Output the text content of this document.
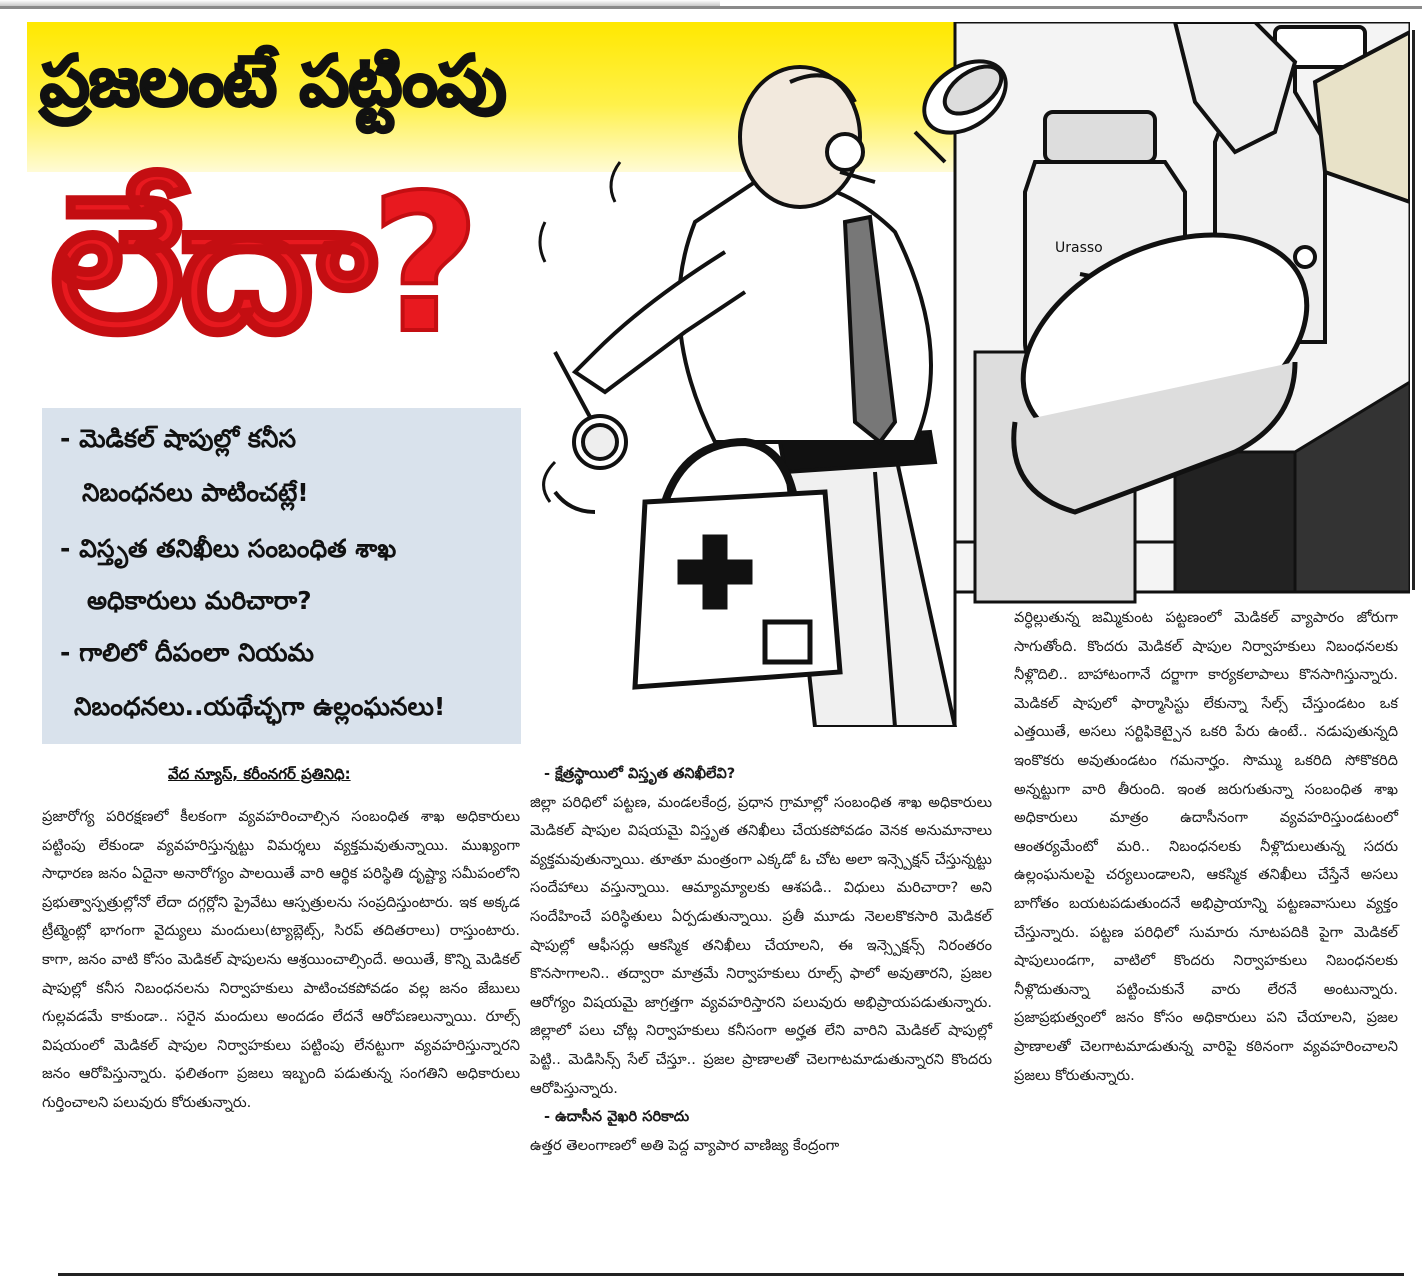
Urasso
ప్రజలంటే పట్టింపు
లేదా?
- మెడికల్ షాపుల్లో కనీస
నిబంధనలు పాటించట్లే!
- విస్తృత తనిఖీలు సంబంధిత శాఖ
అధికారులు మరిచారా?
- గాలిలో దీపంలా నియమ
నిబంధనలు..యథేచ్ఛగా ఉల్లంఘనలు!
వేద న్యూస్, కరీంనగర్ ప్రతినిధి:

ప్రజారోగ్య పరిరక్షణలో కీలకంగా వ్యవహరించాల్సిన సంబంధిత శాఖ అధికారులు పట్టింపు లేకుండా వ్యవహరిస్తున్నట్టు విమర్శలు వ్యక్తమవుతున్నాయి. ముఖ్యంగా సాధారణ జనం ఏదైనా అనారోగ్యం పాలయితే వారి ఆర్థిక పరిస్థితి దృష్ట్యా సమీపంలోని ప్రభుత్వాస్పత్రుల్లోనో లేదా దగ్గర్లోని ప్రైవేటు ఆస్పత్రులను సంప్రదిస్తుంటారు. ఇక అక్కడ ట్రీట్మెంట్లో భాగంగా వైద్యులు మందులు(ట్యాబ్లెట్స్, సిరప్ తదితరాలు) రాస్తుంటారు. కాగా, జనం వాటి కోసం మెడికల్ షాపులను ఆశ్రయించాల్సిందే. అయితే, కొన్ని మెడికల్ షాపుల్లో కనీస నిబంధనలను నిర్వాహకులు పాటించకపోవడం వల్ల జనం జేబులు గుల్లవడమే కాకుండా.. సరైన మందులు అందడం లేదనే ఆరోపణలున్నాయి. రూల్స్ విషయంలో మెడికల్ షాపుల నిర్వాహకులు పట్టింపు లేనట్టుగా వ్యవహరిస్తున్నారని జనం ఆరోపిస్తున్నారు. ఫలితంగా ప్రజలు ఇబ్బంది పడుతున్న సంగతిని అధికారులు గుర్తించాలని పలువురు కోరుతున్నారు.

- క్షేత్రస్థాయిలో విస్తృత తనిఖీలేవి?

జిల్లా పరిధిలో పట్టణ, మండలకేంద్ర, ప్రధాన గ్రామాల్లో సంబంధిత శాఖ అధికారులు మెడికల్ షాపుల విషయమై విస్తృత తనిఖీలు చేయకపోవడం వెనక అనుమానాలు వ్యక్తమవుతున్నాయి. తూతూ మంత్రంగా ఎక్కడో ఓ చోట అలా ఇన్స్పెక్షన్ చేస్తున్నట్టు సందేహాలు వస్తున్నాయి. ఆమ్యామ్యాలకు ఆశపడి.. విధులు మరిచారా? అని సందేహించే పరిస్థితులు ఏర్పడుతున్నాయి. ప్రతీ మూడు నెలలకొకసారి మెడికల్ షాపుల్లో ఆఫీసర్లు ఆకస్మిక తనిఖీలు చేయాలని, ఈ ఇన్స్పెక్షన్స్ నిరంతరం కొనసాగాలని.. తద్వారా మాత్రమే నిర్వాహకులు రూల్స్ ఫాలో అవుతారని, ప్రజల ఆరోగ్యం విషయమై జాగ్రత్తగా వ్యవహరిస్తారని పలువురు అభిప్రాయపడుతున్నారు. జిల్లాలో పలు చోట్ల నిర్వాహకులు కనీసంగా అర్హత లేని వారిని మెడికల్ షాపుల్లో పెట్టి.. మెడిసిన్స్ సేల్ చేస్తూ.. ప్రజల ప్రాణాలతో చెలగాటమాడుతున్నారని కొందరు ఆరోపిస్తున్నారు.

- ఉదాసీన వైఖరి సరికాదు

ఉత్తర తెలంగాణలో అతి పెద్ద వ్యాపార వాణిజ్య కేంద్రంగా

వర్ధిల్లుతున్న జమ్మికుంట పట్టణంలో మెడికల్ వ్యాపారం జోరుగా సాగుతోంది. కొందరు మెడికల్ షాపుల నిర్వాహకులు నిబంధనలకు నీళ్లొదిలి.. బాహాటంగానే దర్జాగా కార్యకలాపాలు కొనసాగిస్తున్నారు. మెడికల్ షాపులో ఫార్మాసిస్టు లేకున్నా సేల్స్ చేస్తుండటం ఒక ఎత్తయితే, అసలు సర్టిఫికెట్పైన ఒకరి పేరు ఉంటే.. నడుపుతున్నది ఇంకొకరు అవుతుండటం గమనార్హం. సొమ్ము ఒకరిది సోకొకరిది అన్నట్టుగా వారి తీరుంది. ఇంత జరుగుతున్నా సంబంధిత శాఖ అధికారులు మాత్రం ఉదాసీనంగా వ్యవహరిస్తుండటంలో ఆంతర్యమేంటో మరి.. నిబంధనలకు నీళ్లొదులుతున్న సదరు ఉల్లంఘనులపై చర్యలుండాలని, ఆకస్మిక తనిఖీలు చేస్తేనే అసలు బాగోతం బయటపడుతుందనే అభిప్రాయాన్ని పట్టణవాసులు వ్యక్తం చేస్తున్నారు. పట్టణ పరిధిలో సుమారు నూటపదికి పైగా మెడికల్ షాపులుండగా, వాటిలో కొందరు నిర్వాహకులు నిబంధనలకు నీళ్లొదుతున్నా పట్టించుకునే వారు లేరనే అంటున్నారు. ప్రజాప్రభుత్వంలో జనం కోసం అధికారులు పని చేయాలని, ప్రజల ప్రాణాలతో చెలగాటమాడుతున్న వారిపై కఠినంగా వ్యవహరించాలని ప్రజలు కోరుతున్నారు.
